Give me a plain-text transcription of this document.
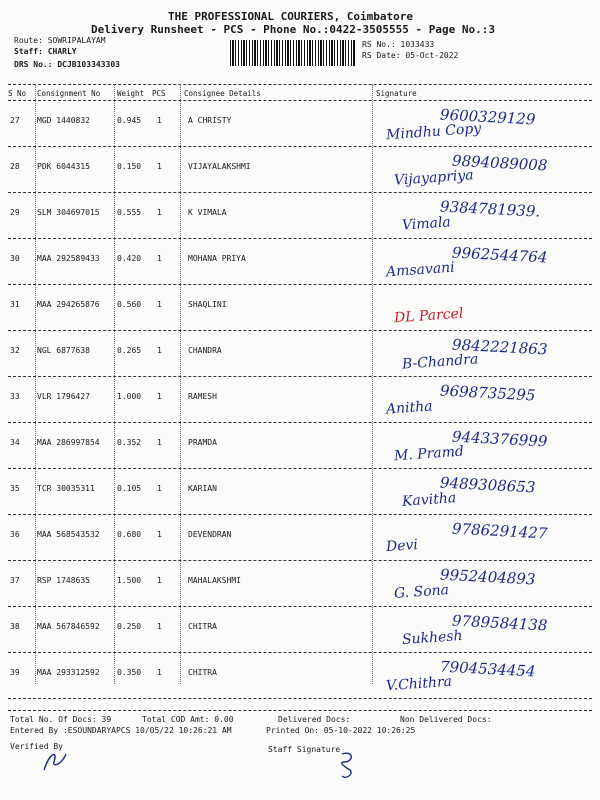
THE PROFESSIONAL COURIERS, Coimbatore
Delivery Runsheet - PCS - Phone No.:0422-3505555 - Page No.:3
Route: SOWRIPALAYAM
Staff: CHARLY
DRS No.: DCJB103343303
RS No.: 1033433
RS Date: 05-Oct-2022
S No Consignment No Weight PCS Consignee Details	Signature
27 MGD 1440832	0.945 1	A CHRISTY
Mindhu Copy
9600329129
28 PDK 6044315	0.150 1	VIJAYALAKSHMI
Vijayapriya
9894089008
29 SLM 304697015 0.555 1	K VIMALA
Vimala
9384781939.
30 MAA 292589433 0.420 1	MOHANA PRIYA
Amsavani
9962544764
31 MAA 294265876 0.560 1	SHAQLINI
DL Parcel
32 NGL 6877638	0.265 1	CHANDRA
B-Chandra
9842221863
33 VLR 1796427	1.000 1	RAMESH
Anitha
9698735295
34 MAA 286997854 0.352 1	PRAMDA
M. Pramd
9443376999
35 TCR 30035311	0.105 1	KARIAN
Kavitha
9489308653
36 MAA 568543532 0.680 1	DEVENDRAN
Devi
9786291427
37 RSP 1748635	1.500 1	MAHALAKSHMI
G. Sona
9952404893
38 MAA 567846592 0.250 1	CHITRA
Sukhesh
9789584138
39 MAA 293312592 0.350 1	CHITRA
V.Chithra
7904534454
Total No. Of Docs: 39	Total COD Amt: 0.00	Delivered Docs:	Non Delivered Docs:
Entered By :ESOUNDARYAPCS 10/05/22 10:26:21 AM	Printed On: 05-10-2022 10:26:25
Verified By	Staff Signature
